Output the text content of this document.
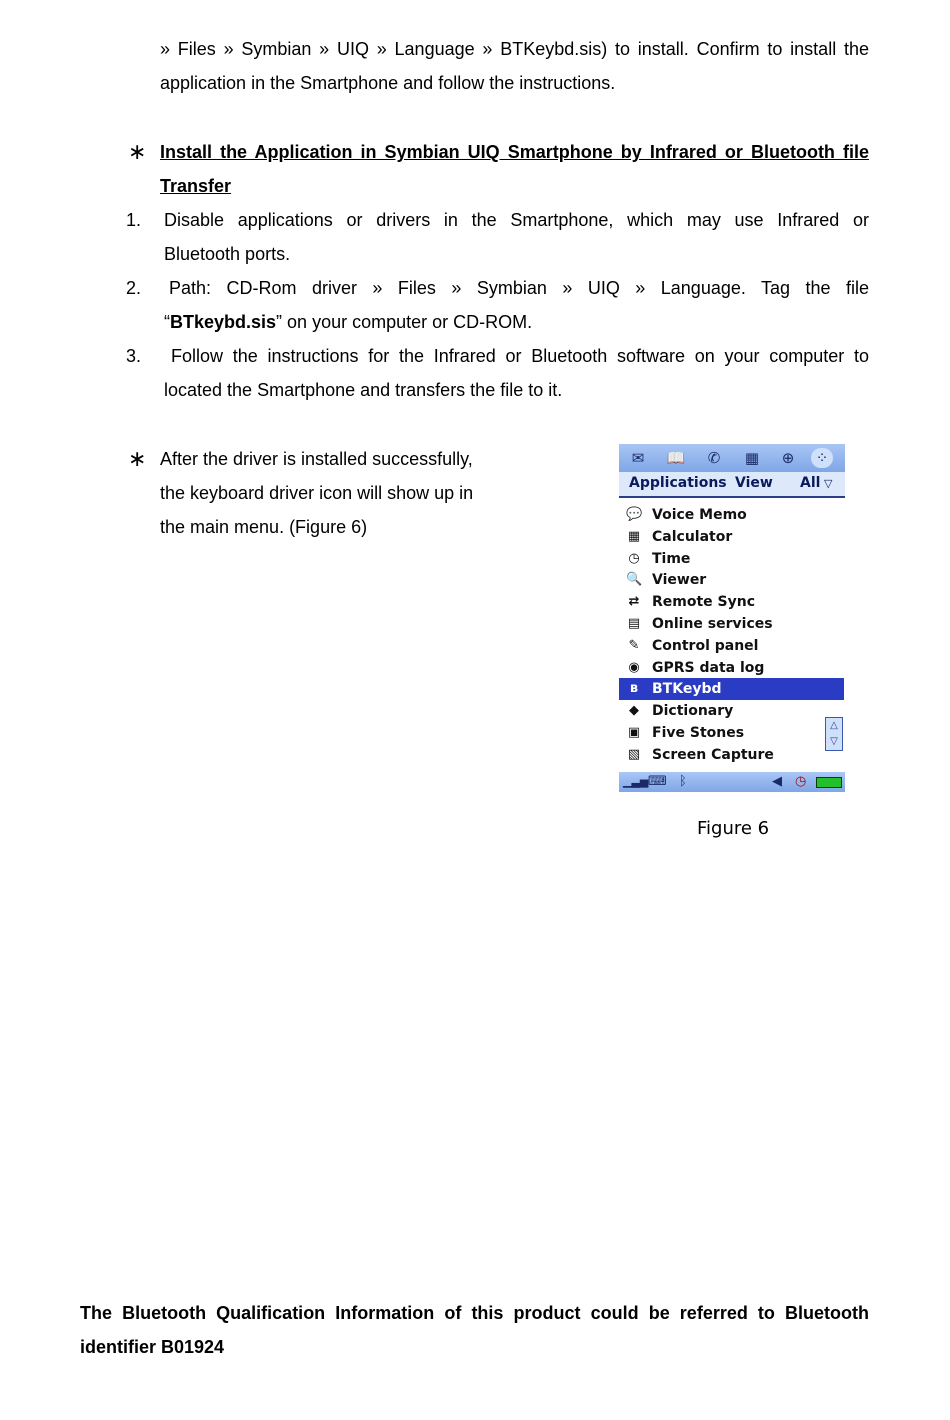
» Files » Symbian » UIQ » Language » BTKeybd.sis) to install. Confirm to install the
application in the Smartphone and follow the instructions.
∗ Install the Application in Symbian UIQ Smartphone by Infrared or Bluetooth file
Transfer
1. Disable applications or drivers in the Smartphone, which may use Infrared or
Bluetooth ports.
2. Path: CD-Rom driver » Files » Symbian » UIQ » Language. Tag the file
“BTkeybd.sis” on your computer or CD-ROM.
3. Follow the instructions for the Infrared or Bluetooth software on your computer to
located the Smartphone and transfers the file to it.
∗ After the driver is installed successfully,
the keyboard driver icon will show up in
the main menu. (Figure 6)
✉	📖	✆	▦	⊕	⁘
Applications View All ▽
💬 Voice Memo
▦ Calculator
◷ Time
🔍 Viewer
⇄ Remote Sync
▤ Online services
✎ Control panel
◉ GPRS data log
ʙ BTKeybd
◆ Dictionary
▣ Five Stones
▧ Screen Capture
△
▽
▁▃▅ ⌨ ᛒ	◀ ◷
Figure 6
The Bluetooth Qualification Information of this product could be referred to Bluetooth
identifier B01924
